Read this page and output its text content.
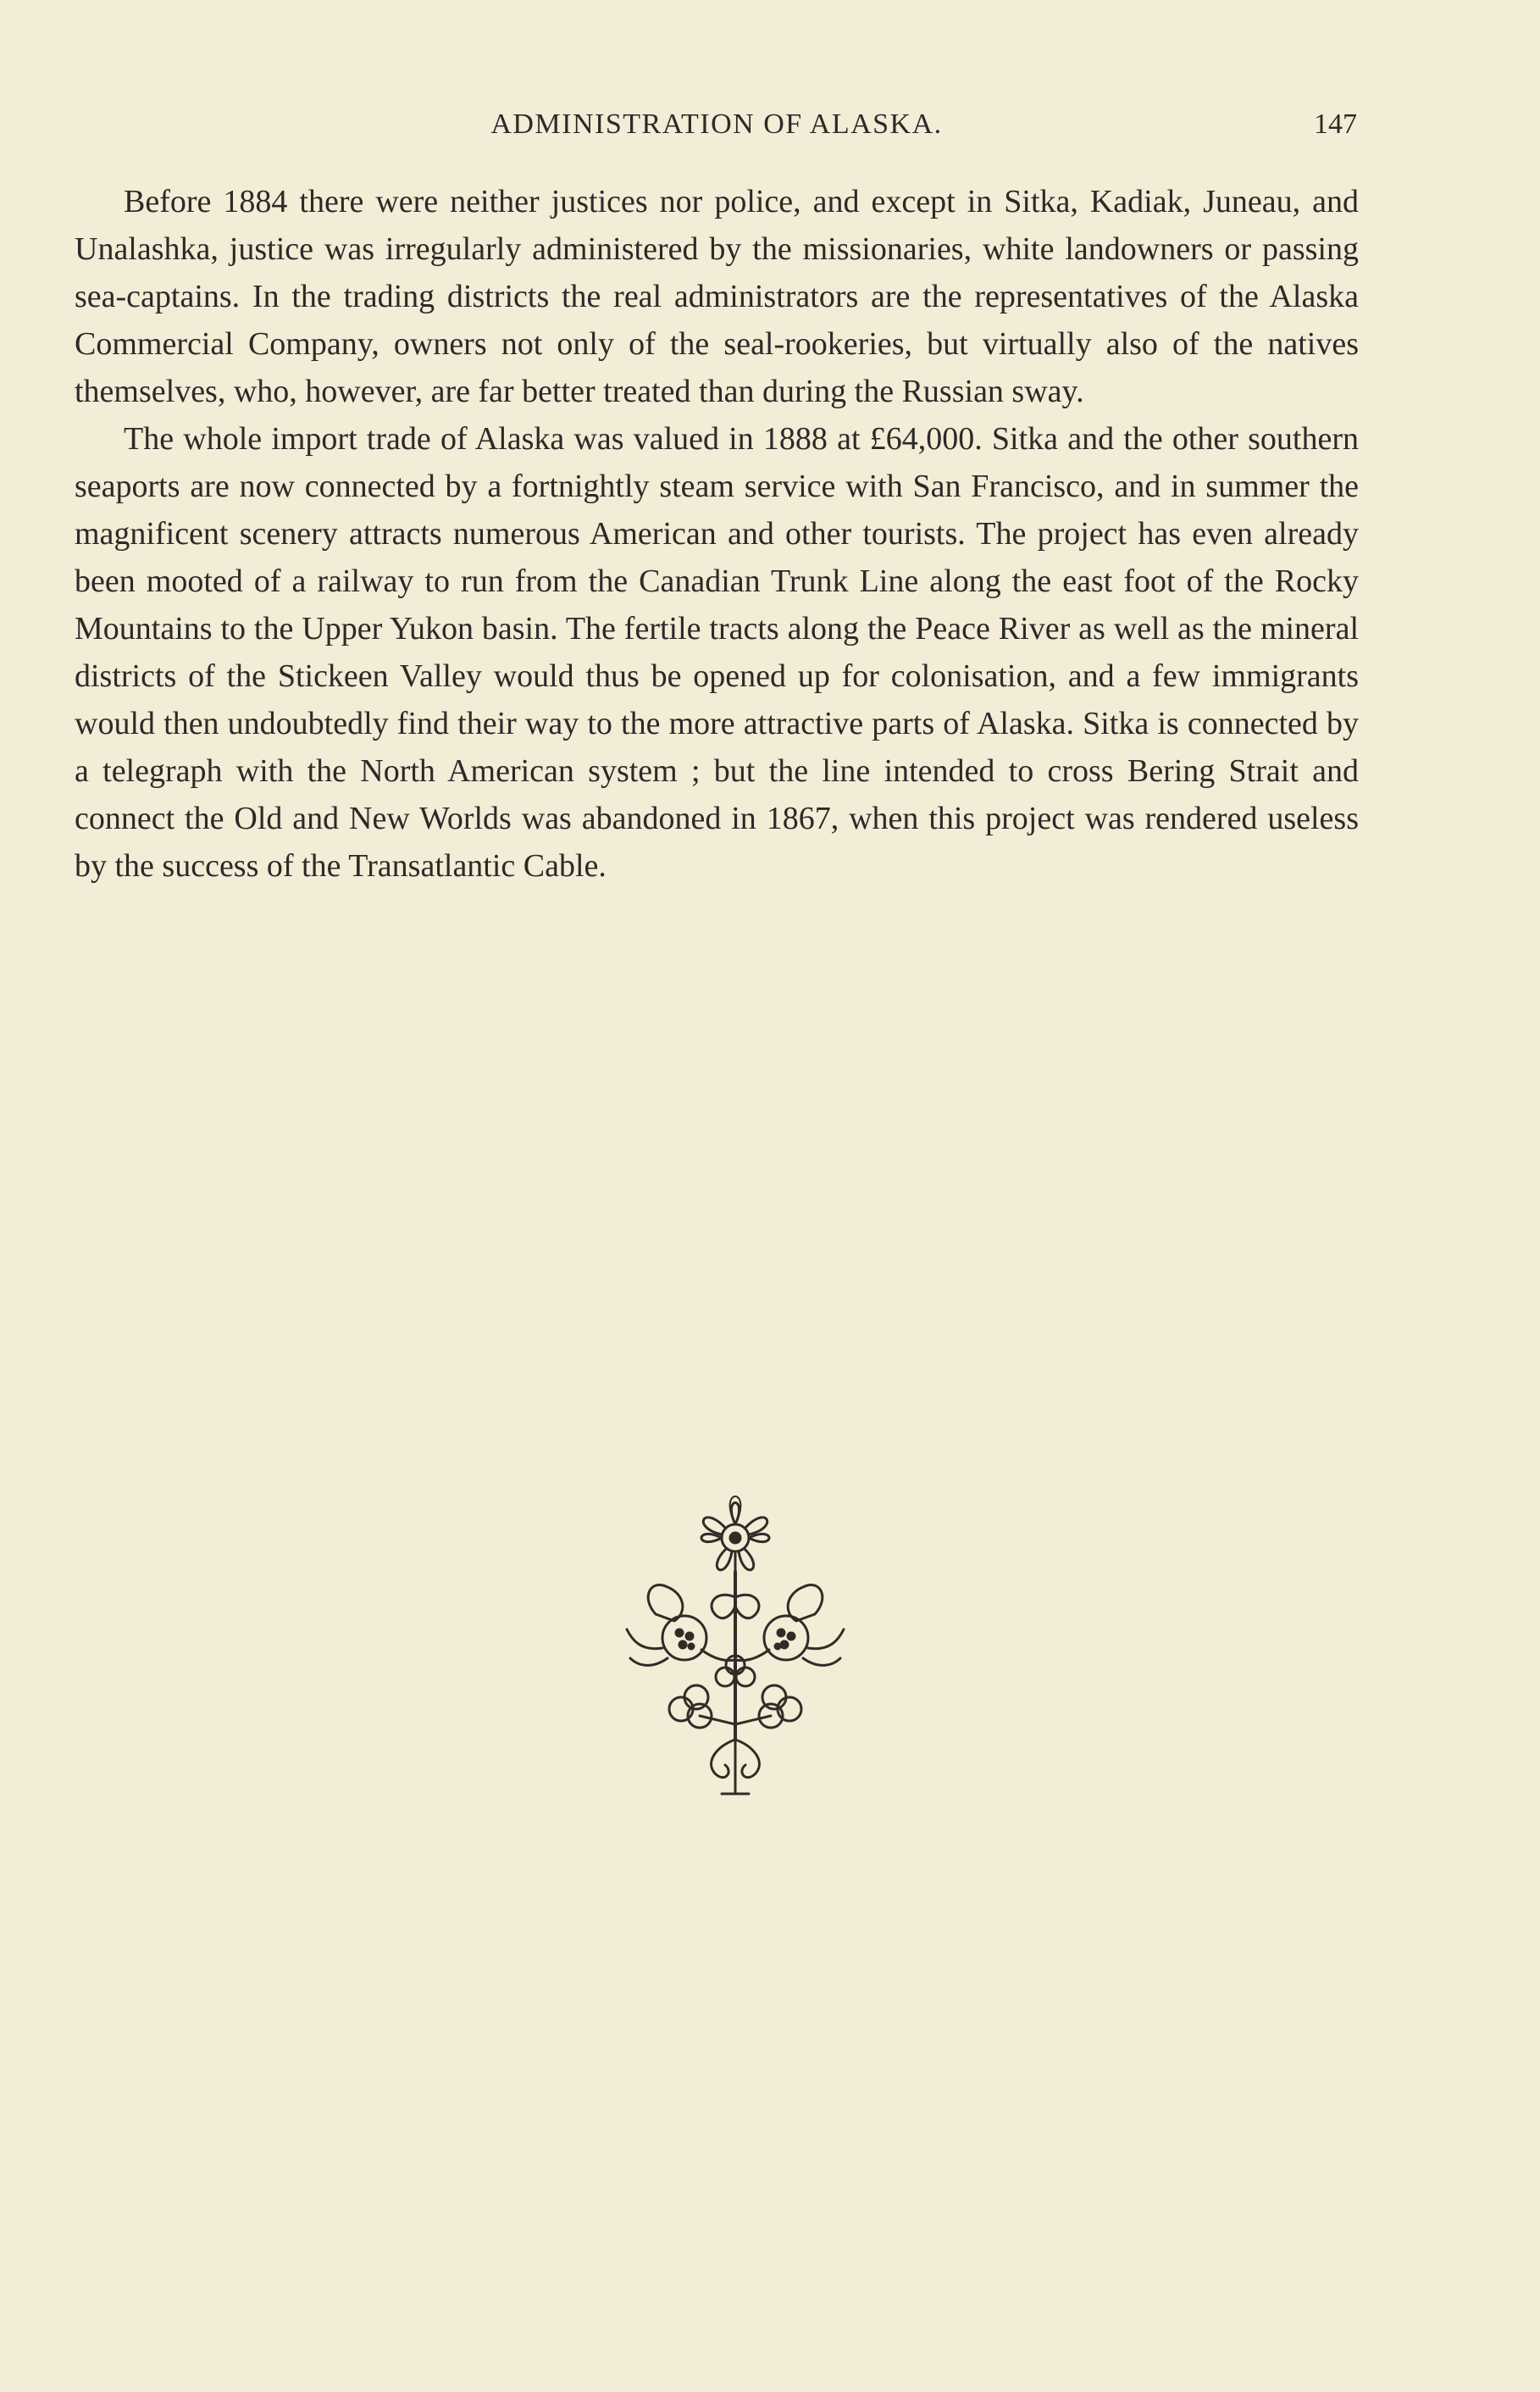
ADMINISTRATION OF ALASKA.	147

Before 1884 there were neither justices nor police, and except in Sitka, Kadiak, Juneau, and Unalashka, justice was irregularly administered by the missionaries, white landowners or passing sea-captains. In the trading districts the real administrators are the representatives of the Alaska Commercial Company, owners not only of the seal-rookeries, but virtually also of the natives themselves, who, however, are far better treated than during the Russian sway.

The whole import trade of Alaska was valued in 1888 at £64,000. Sitka and the other southern seaports are now connected by a fortnightly steam service with San Francisco, and in summer the magnificent scenery attracts numerous American and other tourists. The project has even already been mooted of a railway to run from the Canadian Trunk Line along the east foot of the Rocky Mountains to the Upper Yukon basin. The fertile tracts along the Peace River as well as the mineral districts of the Stickeen Valley would thus be opened up for colonisation, and a few immigrants would then undoubtedly find their way to the more attractive parts of Alaska. Sitka is connected by a telegraph with the North American system ; but the line intended to cross Bering Strait and connect the Old and New Worlds was abandoned in 1867, when this project was rendered useless by the success of the Transatlantic Cable.
